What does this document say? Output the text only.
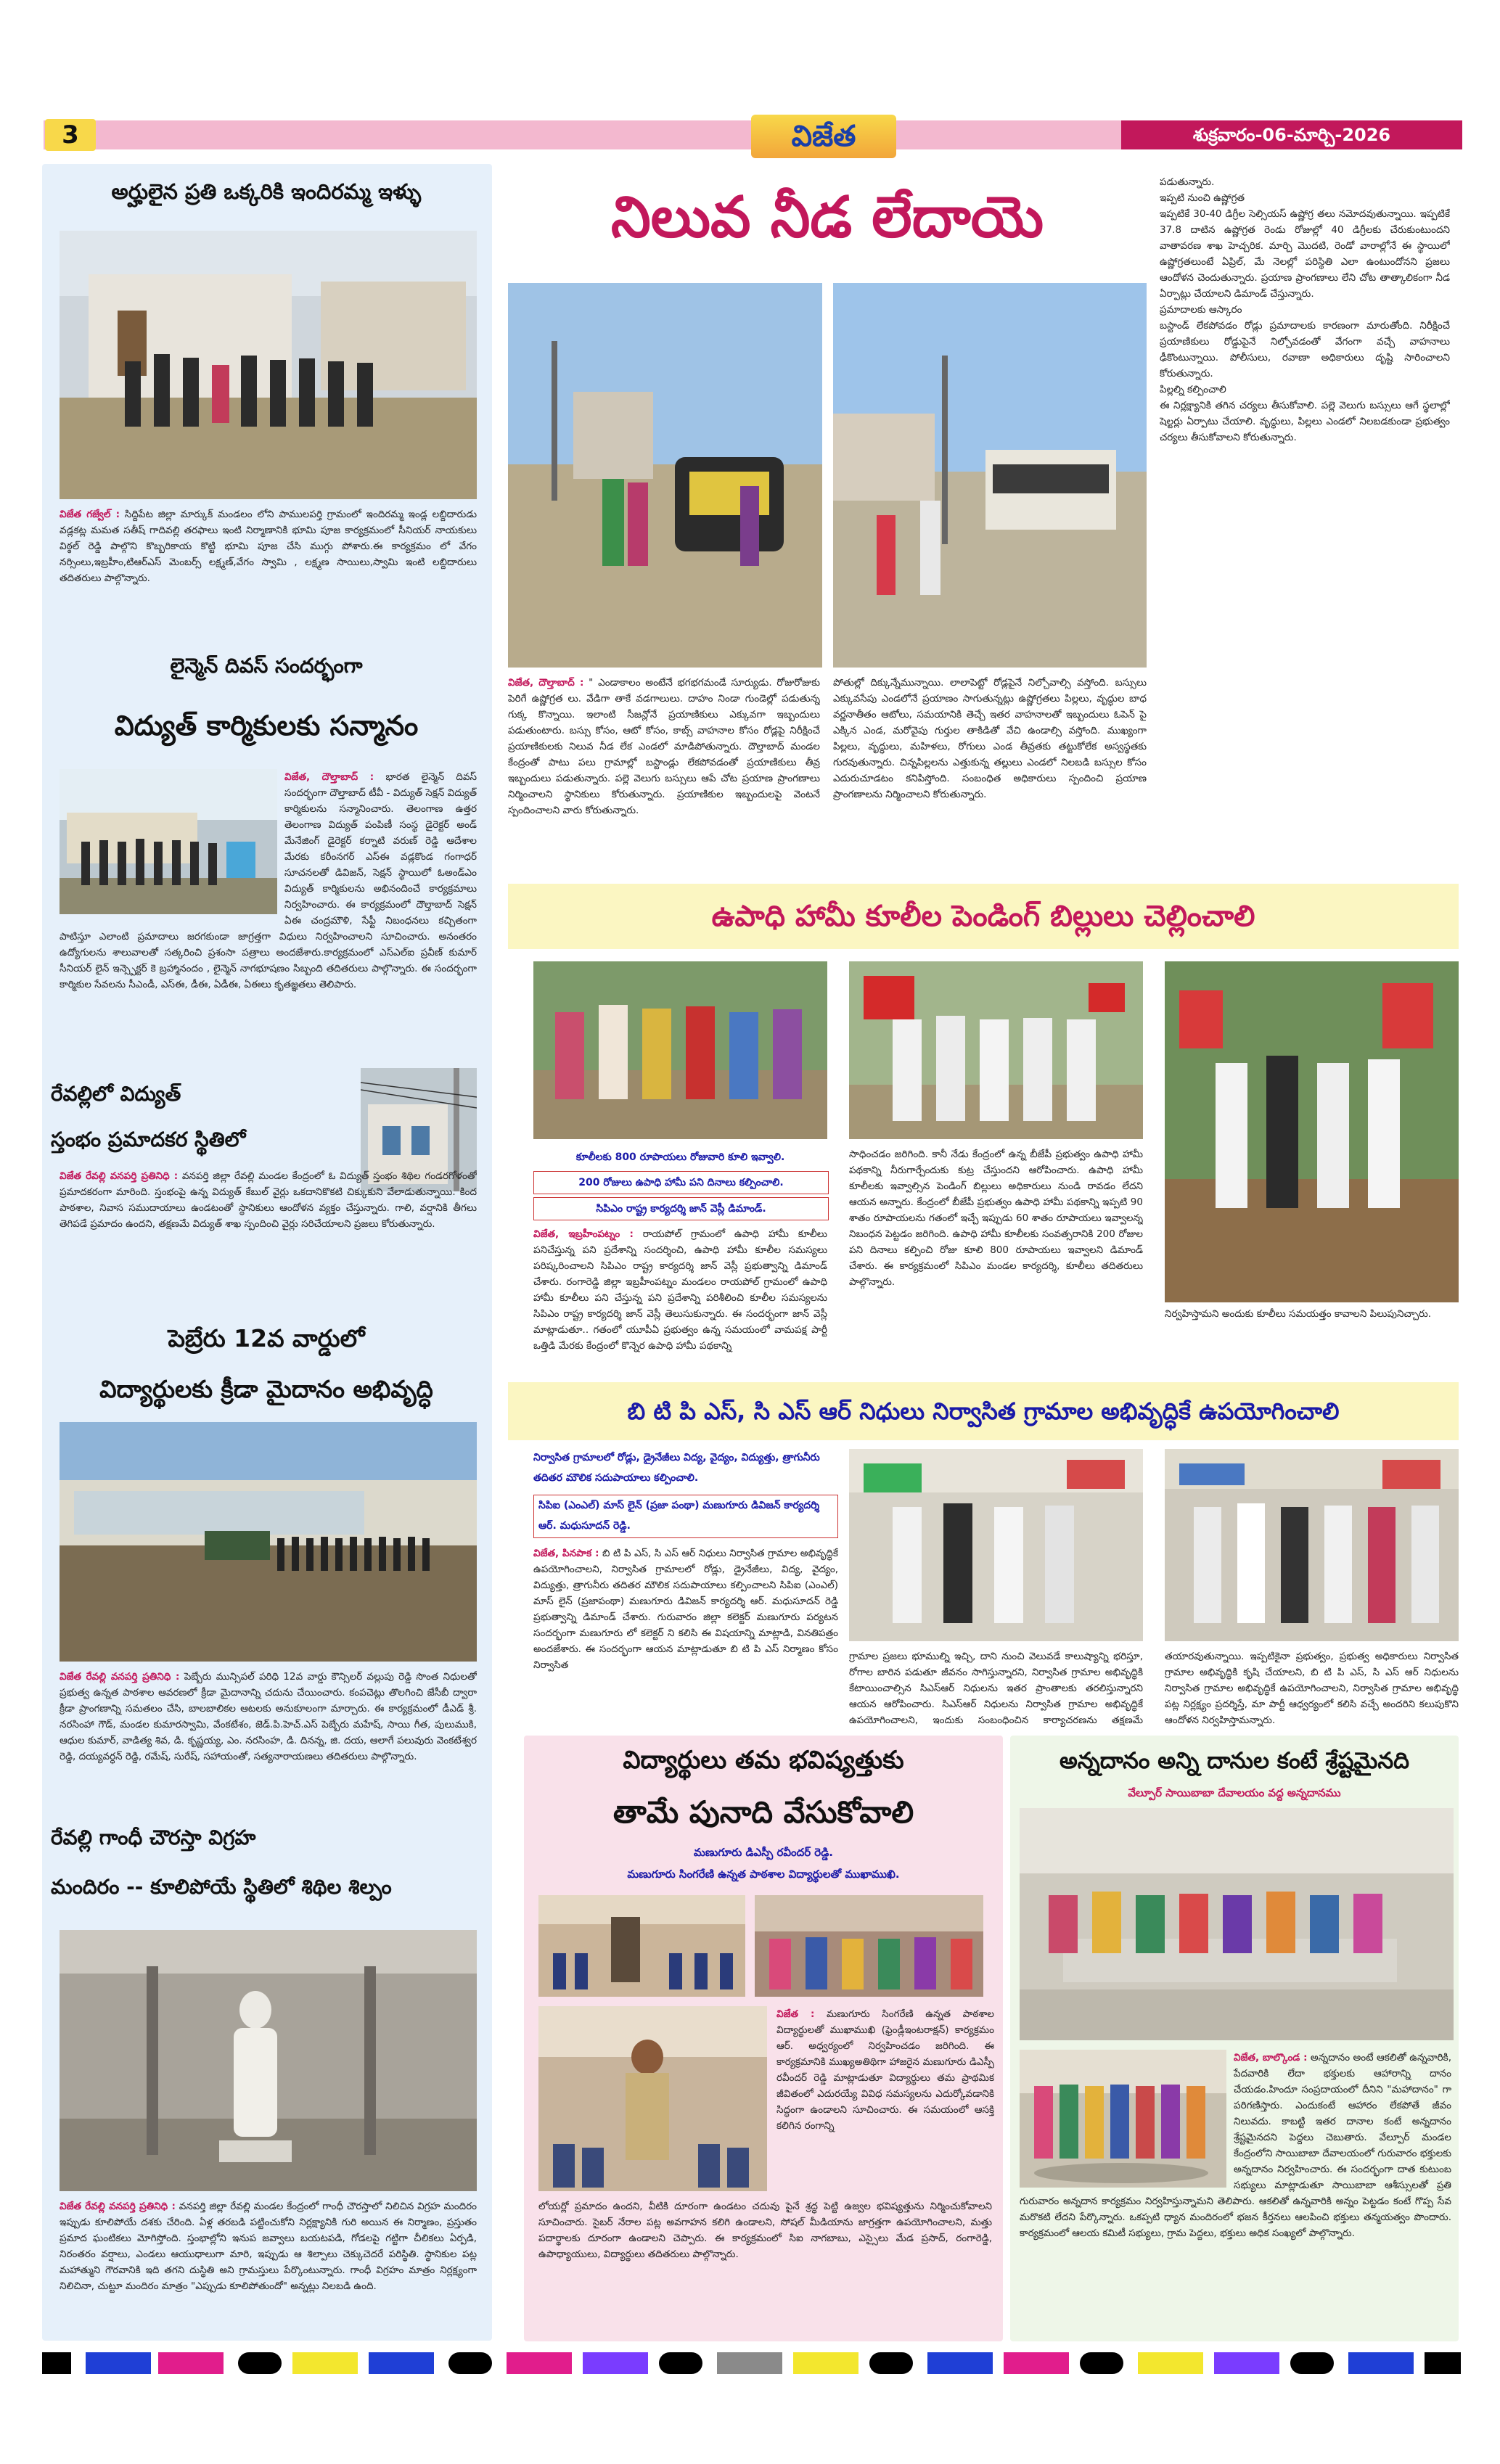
3	విజేత	శుక్రవారం-06-మార్చి-2026
అర్హులైన ప్రతి ఒక్కరికి ఇందిరమ్మ ఇళ్ళు
విజేత గజ్వేల్ : సిద్దిపేట జిల్లా మార్కుక్ మండలం లోని పాములపర్తి గ్రామంలో ఇందిరమ్మ ఇండ్ల లబ్దిదారుడు వడ్లకట్ల మమత సతీష్ గాదివల్లి తరఫాలు ఇంటి నిర్మాణానికి భూమి పూజ కార్యక్రమంలో సీనియర్ నాయకులు విఠ్ఠల్ రెడ్డి పాల్గొని కొబ్బరికాయ కొట్టి భూమి పూజ చేసి ముగ్గు పోశారు.ఈ కార్యక్రమం లో వేగం నర్సింలు,ఇబ్రహీం,టిఆర్ఎస్ మెంబర్స్ లక్ష్మణ్,వేగం స్వామి , లక్ష్మణ సాయిలు,స్వామి ఇంటి లబ్దిదారులు తదితరులు పాల్గొన్నారు.
లైన్మెన్ దివస్ సందర్భంగా
విద్యుత్ కార్మికులకు సన్మానం
విజేత, దౌల్తాబాద్ : భారత లైన్మెన్ దివస్ సందర్భంగా దౌల్తాబాద్ టీవీ - విద్యుత్ సెక్షన్ విద్యుత్ కార్మికులను సన్మానించారు. తెలంగాణ ఉత్తర తెలంగాణ విద్యుత్ పంపిణీ సంస్థ డైరెక్టర్ అండ్ మేనేజింగ్ డైరెక్టర్ కర్నాటి వరుణ్ రెడ్డి ఆదేశాల మేరకు కరీంనగర్ ఎస్ఈ వడ్లకొండ గంగాధర్ సూచనలతో డివిజన్, సెక్షన్ స్థాయిలో ఓఅండ్ఎం విద్యుత్ కార్మికులను అభినందించే కార్యక్రమాలు నిర్వహించారు. ఈ కార్యక్రమంలో దౌల్తాబాద్ సెక్షన్ ఏఈ చంద్రమౌళి, సేఫ్టీ నిబంధనలు కచ్చితంగా పాటిస్తూ ఎలాంటి ప్రమాదాలు జరగకుండా జాగ్రత్తగా విధులు నిర్వహించాలని సూచించారు. అనంతరం ఉద్యోగులను శాలువాలతో సత్కరించి ప్రశంసా పత్రాలు అందజేశారు.కార్యక్రమంలో ఎస్ఎల్ఐ ప్రవీణ్ కుమార్ సీనియర్ లైన్ ఇన్స్పెక్టర్ కె బ్రహ్మానందం , లైన్మెన్ నాగభూషణం సిబ్బంది తదితరులు పాల్గొన్నారు. ఈ సందర్భంగా కార్మికుల సేవలను సీఎండీ, ఎస్ఈ, డీఈ, ఏడీఈ, ఏఈలు కృతజ్ఞతలు తెలిపారు.
రేవల్లిలో విద్యుత్
స్తంభం ప్రమాదకర స్థితిలో
విజేత రేవల్లి వనపర్తి ప్రతినిధి : వనపర్తి జిల్లా రేవల్లి మండల కేంద్రంలో ఓ విద్యుత్ స్తంభం శిథిల గండరగోళంతో ప్రమాదకరంగా మారింది. స్తంభంపై ఉన్న విద్యుత్ కేబుల్ వైర్లు ఒకదానికొకటి చిక్కుకుని వేలాడుతున్నాయి. కింద పాఠశాల, నివాస సముదాయాలు ఉండటంతో స్థానికులు ఆందోళన వ్యక్తం చేస్తున్నారు. గాలి, వర్షానికి తీగలు తెగిపడే ప్రమాదం ఉందని, తక్షణమే విద్యుత్ శాఖ స్పందించి వైర్లు సరిచేయాలని ప్రజలు కోరుతున్నారు.
పెబ్రేరు 12వ వార్డులో
విద్యార్థులకు క్రీడా మైదానం అభివృద్ధి
విజేత రేవల్లి వనపర్తి ప్రతినిధి : పెబ్బేరు మున్సిపల్ పరిధి 12వ వార్డు కౌన్సిలర్ వల్లుపు రెడ్డి సొంత నిధులతో ప్రభుత్వ ఉన్నత పాఠశాల ఆవరణలో క్రీడా మైదానాన్ని చదును చేయించారు. కంపచెట్లు తొలగించి జేసీబీ ద్వారా క్రీడా ప్రాంగణాన్ని సమతలం చేసి, బాలబాలికల ఆటలకు అనుకూలంగా మార్చారు. ఈ కార్యక్రమంలో డీఎడ్ శ్రీ. నరసింహా గౌడ్, మండల కుమారస్వామి, వేంకటేశం, జెడ్.పి.హెచ్.ఎస్ పెబ్బేరు మహేష్, సాయి గీత, పులుముకి, ఆధుల కుమార్, వాడిత్య శివ, డి. కృష్ణయ్య, ఎం. నరసింహ, డి. దినన్న, జి. దయ, ఆలాగే పలువురు వెంకటేశ్వర రెడ్డి, దయ్యవర్ధన్ రెడ్డి, రమేష్, సురేష్, సహాయంతో, సత్యనారాయణలు తదితరులు పాల్గొన్నారు.
రేవల్లి గాంధీ చౌరస్తా విగ్రహ
మందిరం -- కూలిపోయే స్థితిలో శిథిల శిల్పం
విజేత రేవల్లి వనపర్తి ప్రతినిధి : వనపర్తి జిల్లా రేవల్లి మండల కేంద్రంలో గాంధీ చౌరస్తాలో నిలిచిన విగ్రహ మందిరం ఇప్పుడు కూలిపోయే దశకు చేరింది. ఏళ్ల తరబడి పట్టించుకోని నిర్లక్ష్యానికి గురి అయిన ఈ నిర్మాణం, ప్రస్తుతం ప్రమాద ఘంటికలు మోగిస్తోంది. స్తంభాల్లోని ఇనుప జవ్వాలు బయటపడి, గోడలపై గట్టిగా చీలికలు ఏర్పడి, నిరంతరం వర్షాలు, ఎండలు ఆయుధాలుగా మారి, ఇప్పుడు ఆ శిల్పాలు చెక్కుచెదరే పరిస్థితి. స్థానికుల పట్ల మహాత్ముని గౌరవానికి ఇది తగని దుస్థితి అని గ్రామస్తులు పేర్కొంటున్నారు. గాంధీ విగ్రహం మాత్రం నిర్లక్ష్యంగా నిలిచినా, చుట్టూ మందిరం మాత్రం "ఎప్పుడు కూలిపోతుందో" అన్నట్లు నిలబడి ఉంది.
నిలువ నీడ లేదాయె
విజేత, దౌల్తాబాద్ : " ఎండాకాలం అంటేనే భగభగమండే సూర్యుడు. రోజురోజుకు పెరిగే ఉష్ణోగ్రత లు. వేడిగా తాకే వడగాలులు. దాహం నిండా గుండెల్లో పడుతున్న గుక్క కొన్నాయి. ఇలాంటి సీజన్లోనే ప్రయాణికులు ఎక్కువగా ఇబ్బందులు పడుతుంటారు. బస్సు కోసం, ఆటో కోసం, కాబ్స్ వాహనాల కోసం రోడ్లపై నిరీక్షించే ప్రయాణికులకు నిలువ నీడ లేక ఎండలో మాడిపోతున్నారు. దౌల్తాబాద్ మండల కేంద్రంతో పాటు పలు గ్రామాల్లో బస్టాండ్లు లేకపోవడంతో ప్రయాణికులు తీవ్ర ఇబ్బందులు పడుతున్నారు. పల్లె వెలుగు బస్సులు ఆపే చోట ప్రయాణ ప్రాంగణాలు నిర్మించాలని స్థానికులు కోరుతున్నారు. ప్రయాణికుల ఇబ్బందులపై వెంటనే స్పందించాలని వారు కోరుతున్నారు.
పోతుల్లో దిక్కున్నేమున్నాయి. లాలాపెట్టో రోడ్లపైనే నిల్చోవాల్సి వస్తోంది. బస్సులు ఎక్కువసేపు ఎండలోనే ప్రయాణం సాగుతున్నట్లు ఉష్ణోగ్రతలు పిల్లలు, వృద్ధుల బాధ వర్ణనాతీతం ఆటోలు, సమయానికి తెచ్చే ఇతర వాహనాలతో ఇబ్బందులు ఓపెన్ పై ఎక్కిన ఎండ, మరోవైపు గుర్తుల తాకిడితో వేచి ఉండాల్సి వస్తోంది. ముఖ్యంగా పిల్లలు, వృద్ధులు, మహిళలు, రోగులు ఎండ తీవ్రతకు తట్టుకోలేక అస్వస్థతకు గురవుతున్నారు. చిన్నపిల్లలను ఎత్తుకున్న తల్లులు ఎండలో నిలబడి బస్సుల కోసం ఎదురుచూడటం కనిపిస్తోంది. సంబంధిత అధికారులు స్పందించి ప్రయాణ ప్రాంగణాలను నిర్మించాలని కోరుతున్నారు.
పడుతున్నారు.
ఇప్పటి నుంచి ఉష్ణోగ్రత
ఇప్పటికే 30-40 డిగ్రీల సెల్సియస్ ఉష్ణోగ్ర తలు నమోదవుతున్నాయి. ఇప్పటికే 37.8 దాటిన ఉష్ణోగ్రత రెండు రోజుల్లో 40 డిగ్రీలకు చేరుకుంటుందని వాతావరణ శాఖ హెచ్చరిక. మార్చి మొదటి, రెండో వారాల్లోనే ఈ స్థాయిలో ఉష్ణోగ్రతలుంటే ఏప్రిల్, మే నెలల్లో పరిస్థితి ఎలా ఉంటుందోనని ప్రజలు ఆందోళన చెందుతున్నారు. ప్రయాణ ప్రాంగణాలు లేని చోట తాత్కాలికంగా నీడ ఏర్పాట్లు చేయాలని డిమాండ్ చేస్తున్నారు.
ప్రమాదాలకు ఆస్కారం
బస్టాండ్ లేకపోవడం రోడ్లు ప్రమాదాలకు కారణంగా మారుతోంది. నిరీక్షించే ప్రయాణికులు రోడ్డుపైనే నిల్చోవడంతో వేగంగా వచ్చే వాహనాలు ఢీకొంటున్నాయి. పోలీసులు, రవాణా అధికారులు దృష్టి సారించాలని కోరుతున్నారు.
పిల్లల్ని కల్పించాలి
ఈ నిర్లక్ష్యానికి తగిన చర్యలు తీసుకోవాలి. పల్లె వెలుగు బస్సులు ఆగే స్థలాల్లో షెల్టర్లు ఏర్పాటు చేయాలి. వృద్ధులు, పిల్లలు ఎండలో నిలబడకుండా ప్రభుత్వం చర్యలు తీసుకోవాలని కోరుతున్నారు.
ఉపాధి హామీ కూలీల పెండింగ్ బిల్లులు చెల్లించాలి
కూలీలకు 800 రూపాయలు రోజువారి కూలి ఇవ్వాలి.
200 రోజులు ఉపాధి హామీ పని దినాలు కల్పించాలి.
సిపిఎం రాష్ట్ర కార్యదర్శి జాన్ వెస్లీ డిమాండ్.
విజేత, ఇబ్రహీంపట్నం : రాయపోల్ గ్రామంలో ఉపాధి హామీ కూలీలు పనిచేస్తున్న పని ప్రదేశాన్ని సందర్శించి, ఉపాధి హామీ కూలీల సమస్యలు పరిష్కరించాలని సిపిఎం రాష్ట్ర కార్యదర్శి జాన్ వెస్లీ ప్రభుత్వాన్ని డిమాండ్ చేశారు. రంగారెడ్డి జిల్లా ఇబ్రహీంపట్నం మండలం రాయపోల్ గ్రామంలో ఉపాధి హామీ కూలీలు పని చేస్తున్న పని ప్రదేశాన్ని పరిశీలించి కూలీల సమస్యలను సిపిఎం రాష్ట్ర కార్యదర్శి జాన్ వెస్లీ తెలుసుకున్నారు. ఈ సందర్భంగా జాన్ వెస్లీ మాట్లాడుతూ.. గతంలో యూపీఏ ప్రభుత్వం ఉన్న సమయంలో వామపక్ష పార్టీ ఒత్తిడి మేరకు కేంద్రంలో కొన్నెర ఉపాధి హామీ పథకాన్ని
సాధించడం జరిగింది. కానీ నేడు కేంద్రంలో ఉన్న బీజేపీ ప్రభుత్వం ఉపాధి హామీ పథకాన్ని నీరుగార్చేందుకు కుట్ర చేస్తుందని ఆరోపించారు. ఉపాధి హామీ కూలీలకు ఇవ్వాల్సిన పెండింగ్ బిల్లులు అధికారులు నుండి రావడం లేదని ఆయన అన్నారు. కేంద్రంలో బీజేపీ ప్రభుత్వం ఉపాధి హామీ పథకాన్ని ఇప్పటి 90 శాతం రూపాయలను గతంలో ఇచ్చే ఇప్పుడు 60 శాతం రూపాయలు ఇవ్వాలన్న నిబంధన పెట్టడం జరిగింది. ఉపాధి హామీ కూలీలకు సంవత్సరానికి 200 రోజుల పని దినాలు కల్పించి రోజు కూలి 800 రూపాయలు ఇవ్వాలని డిమాండ్ చేశారు. ఈ కార్యక్రమంలో సిపిఎం మండల కార్యదర్శి, కూలీలు తదితరులు పాల్గొన్నారు.
నిర్వహిస్తామని అందుకు కూలీలు సమయత్తం కావాలని పిలుపునిచ్చారు.
బి టి పి ఎస్, సి ఎస్ ఆర్ నిధులు నిర్వాసిత గ్రామాల అభివృద్ధికే ఉపయోగించాలి
నిర్వాసిత గ్రామాలలో రోడ్లు, డ్రైనేజీలు విద్య, వైద్యం, విద్యుత్తు, త్రాగునీరు తదితర మౌలిక సదుపాయాలు కల్పించాలి.
సిపిఐ (ఎంఎల్) మాస్ లైన్ (ప్రజా పంథా) మణుగూరు డివిజన్ కార్యదర్శి ఆర్. మధుసూదన్ రెడ్డి.
విజేత, పినపాక : బి టి పి ఎస్, సి ఎస్ ఆర్ నిధులు నిర్వాసిత గ్రామాల అభివృద్ధికే ఉపయోగించాలని, నిర్వాసిత గ్రామాలలో రోడ్లు, డ్రైనేజీలు, విద్య, వైద్యం, విద్యుత్తు, త్రాగునీరు తదితర మౌలిక సదుపాయాలు కల్పించాలని సిపిఐ (ఎంఎల్) మాస్ లైన్ (ప్రజాపంథా) మణుగూరు డివిజన్ కార్యదర్శి ఆర్. మధుసూదన్ రెడ్డి ప్రభుత్వాన్ని డిమాండ్ చేశారు. గురువారం జిల్లా కలెక్టర్ మణుగూరు పర్యటన సందర్భంగా మణుగూరు లో కలెక్టర్ ని కలిసి ఈ విషయాన్ని మాట్లాడి, వినతిపత్రం అందజేశారు. ఈ సందర్భంగా ఆయన మాట్లాడుతూ బి టి పి ఎస్ నిర్మాణం కోసం నిర్వాసిత
గ్రామాల ప్రజలు భూముల్ని ఇచ్చి, దాని నుంచి వెలువడే కాలుష్యాన్ని భరిస్తూ, రోగాల బారిన పడుతూ జీవనం సాగిస్తున్నారని, నిర్వాసిత గ్రామాల అభివృద్ధికి కేటాయించాల్సిన సిఎస్ఆర్ నిధులను ఇతర ప్రాంతాలకు తరలిస్తున్నారని ఆయన ఆరోపించారు. సిఎస్ఆర్ నిధులను నిర్వాసిత గ్రామాల అభివృద్ధికే ఉపయోగించాలని, ఇందుకు సంబంధించిన కార్యాచరణను తక్షణమే
తయారవుతున్నాయి. ఇప్పటికైనా ప్రభుత్వం, ప్రభుత్వ అధికారులు నిర్వాసిత గ్రామాల అభివృద్ధికి కృషి చేయాలని, బి టి పి ఎస్, సి ఎస్ ఆర్ నిధులను నిర్వాసిత గ్రామాల అభివృద్ధికే ఉపయోగించాలని, నిర్వాసిత గ్రామాల అభివృద్ధి పట్ల నిర్లక్ష్యం ప్రదర్శిస్తే, మా పార్టీ ఆధ్వర్యంలో కలిసి వచ్చే అందరిని కలుపుకొని ఆందోళన నిర్వహిస్తామన్నారు.
విద్యార్థులు తమ భవిష్యత్తుకు
తామే పునాది వేసుకోవాలి
మణుగూరు డిఎస్పీ రవీందర్ రెడ్డి.
మణుగూరు సింగరేణి ఉన్నత పాఠశాల విద్యార్థులతో ముఖాముఖి.
విజేత : మణుగూరు సింగరేణి ఉన్నత పాఠశాల విద్యార్థులతో ముఖాముఖి (ఫ్రెండ్లీఇంటరాక్షన్) కార్యక్రమం ఆర్. అధ్వర్యంలో నిర్వహించడం జరిగింది. ఈ కార్యక్రమానికి ముఖ్యఅతిథిగా హాజరైన మణుగూరు డిఎస్పీ రవీందర్ రెడ్డి మాట్లాడుతూ విద్యార్థులు తమ ప్రాథమిక జీవితంలో ఎదురయ్యే వివిధ సమస్యలను ఎదుర్కోవడానికి సిద్ధంగా ఉండాలని సూచించారు. ఈ సమయంలో ఆసక్తి కలిగిన రంగాన్ని
లోయర్లో ప్రమాదం ఉందని, వీటికి దూరంగా ఉండటం చదువు పైనే శ్రద్ధ పెట్టి ఉజ్వల భవిష్యత్తును నిర్మించుకోవాలని సూచించారు. సైబర్ నేరాల పట్ల అవగాహన కలిగి ఉండాలని, సోషల్ మీడియాను జాగ్రత్తగా ఉపయోగించాలని, మత్తు పదార్థాలకు దూరంగా ఉండాలని చెప్పారు. ఈ కార్యక్రమంలో సిఐ నాగబాబు, ఎస్సైలు మేడ ప్రసాద్, రంగారెడ్డి, ఉపాధ్యాయులు, విద్యార్థులు తదితరులు పాల్గొన్నారు.
అన్నదానం అన్ని దానుల కంటే శ్రేష్టమైనది
వేల్పూర్ సాయిబాబా దేవాలయం వద్ద అన్నదానము
విజేత, బాల్కొండ : అన్నదానం అంటే ఆకలితో ఉన్నవారికి, పేదవారికి లేదా భక్తులకు ఆహారాన్ని దానం చేయడం.హిందూ సంప్రదాయంలో దీనిని "మహాదానం" గా పరిగణిస్తారు. ఎందుకంటే ఆహారం లేకపోతే జీవం నిలువదు. కాబట్టి ఇతర దానాల కంటే అన్నదానం శ్రేష్టమైనదని పెద్దలు చెబుతారు. వేల్పూర్ మండల కేంద్రంలోని సాయిబాబా దేవాలయంలో గురువారం భక్తులకు అన్నదానం నిర్వహించారు. ఈ సందర్భంగా దాత కుటుంబ సభ్యులు మాట్లాడుతూ సాయిబాబా ఆశీస్సులతో ప్రతి గురువారం అన్నదాన కార్యక్రమం నిర్వహిస్తున్నామని తెలిపారు. ఆకలితో ఉన్నవారికి అన్నం పెట్టడం కంటే గొప్ప సేవ మరొకటి లేదని పేర్కొన్నారు. ఒకప్పటి ధ్యాన మందిరంలో భజన కీర్తనలు ఆలపించి భక్తులు తన్మయత్వం పొందారు. కార్యక్రమంలో ఆలయ కమిటీ సభ్యులు, గ్రామ పెద్దలు, భక్తులు అధిక సంఖ్యలో పాల్గొన్నారు.
